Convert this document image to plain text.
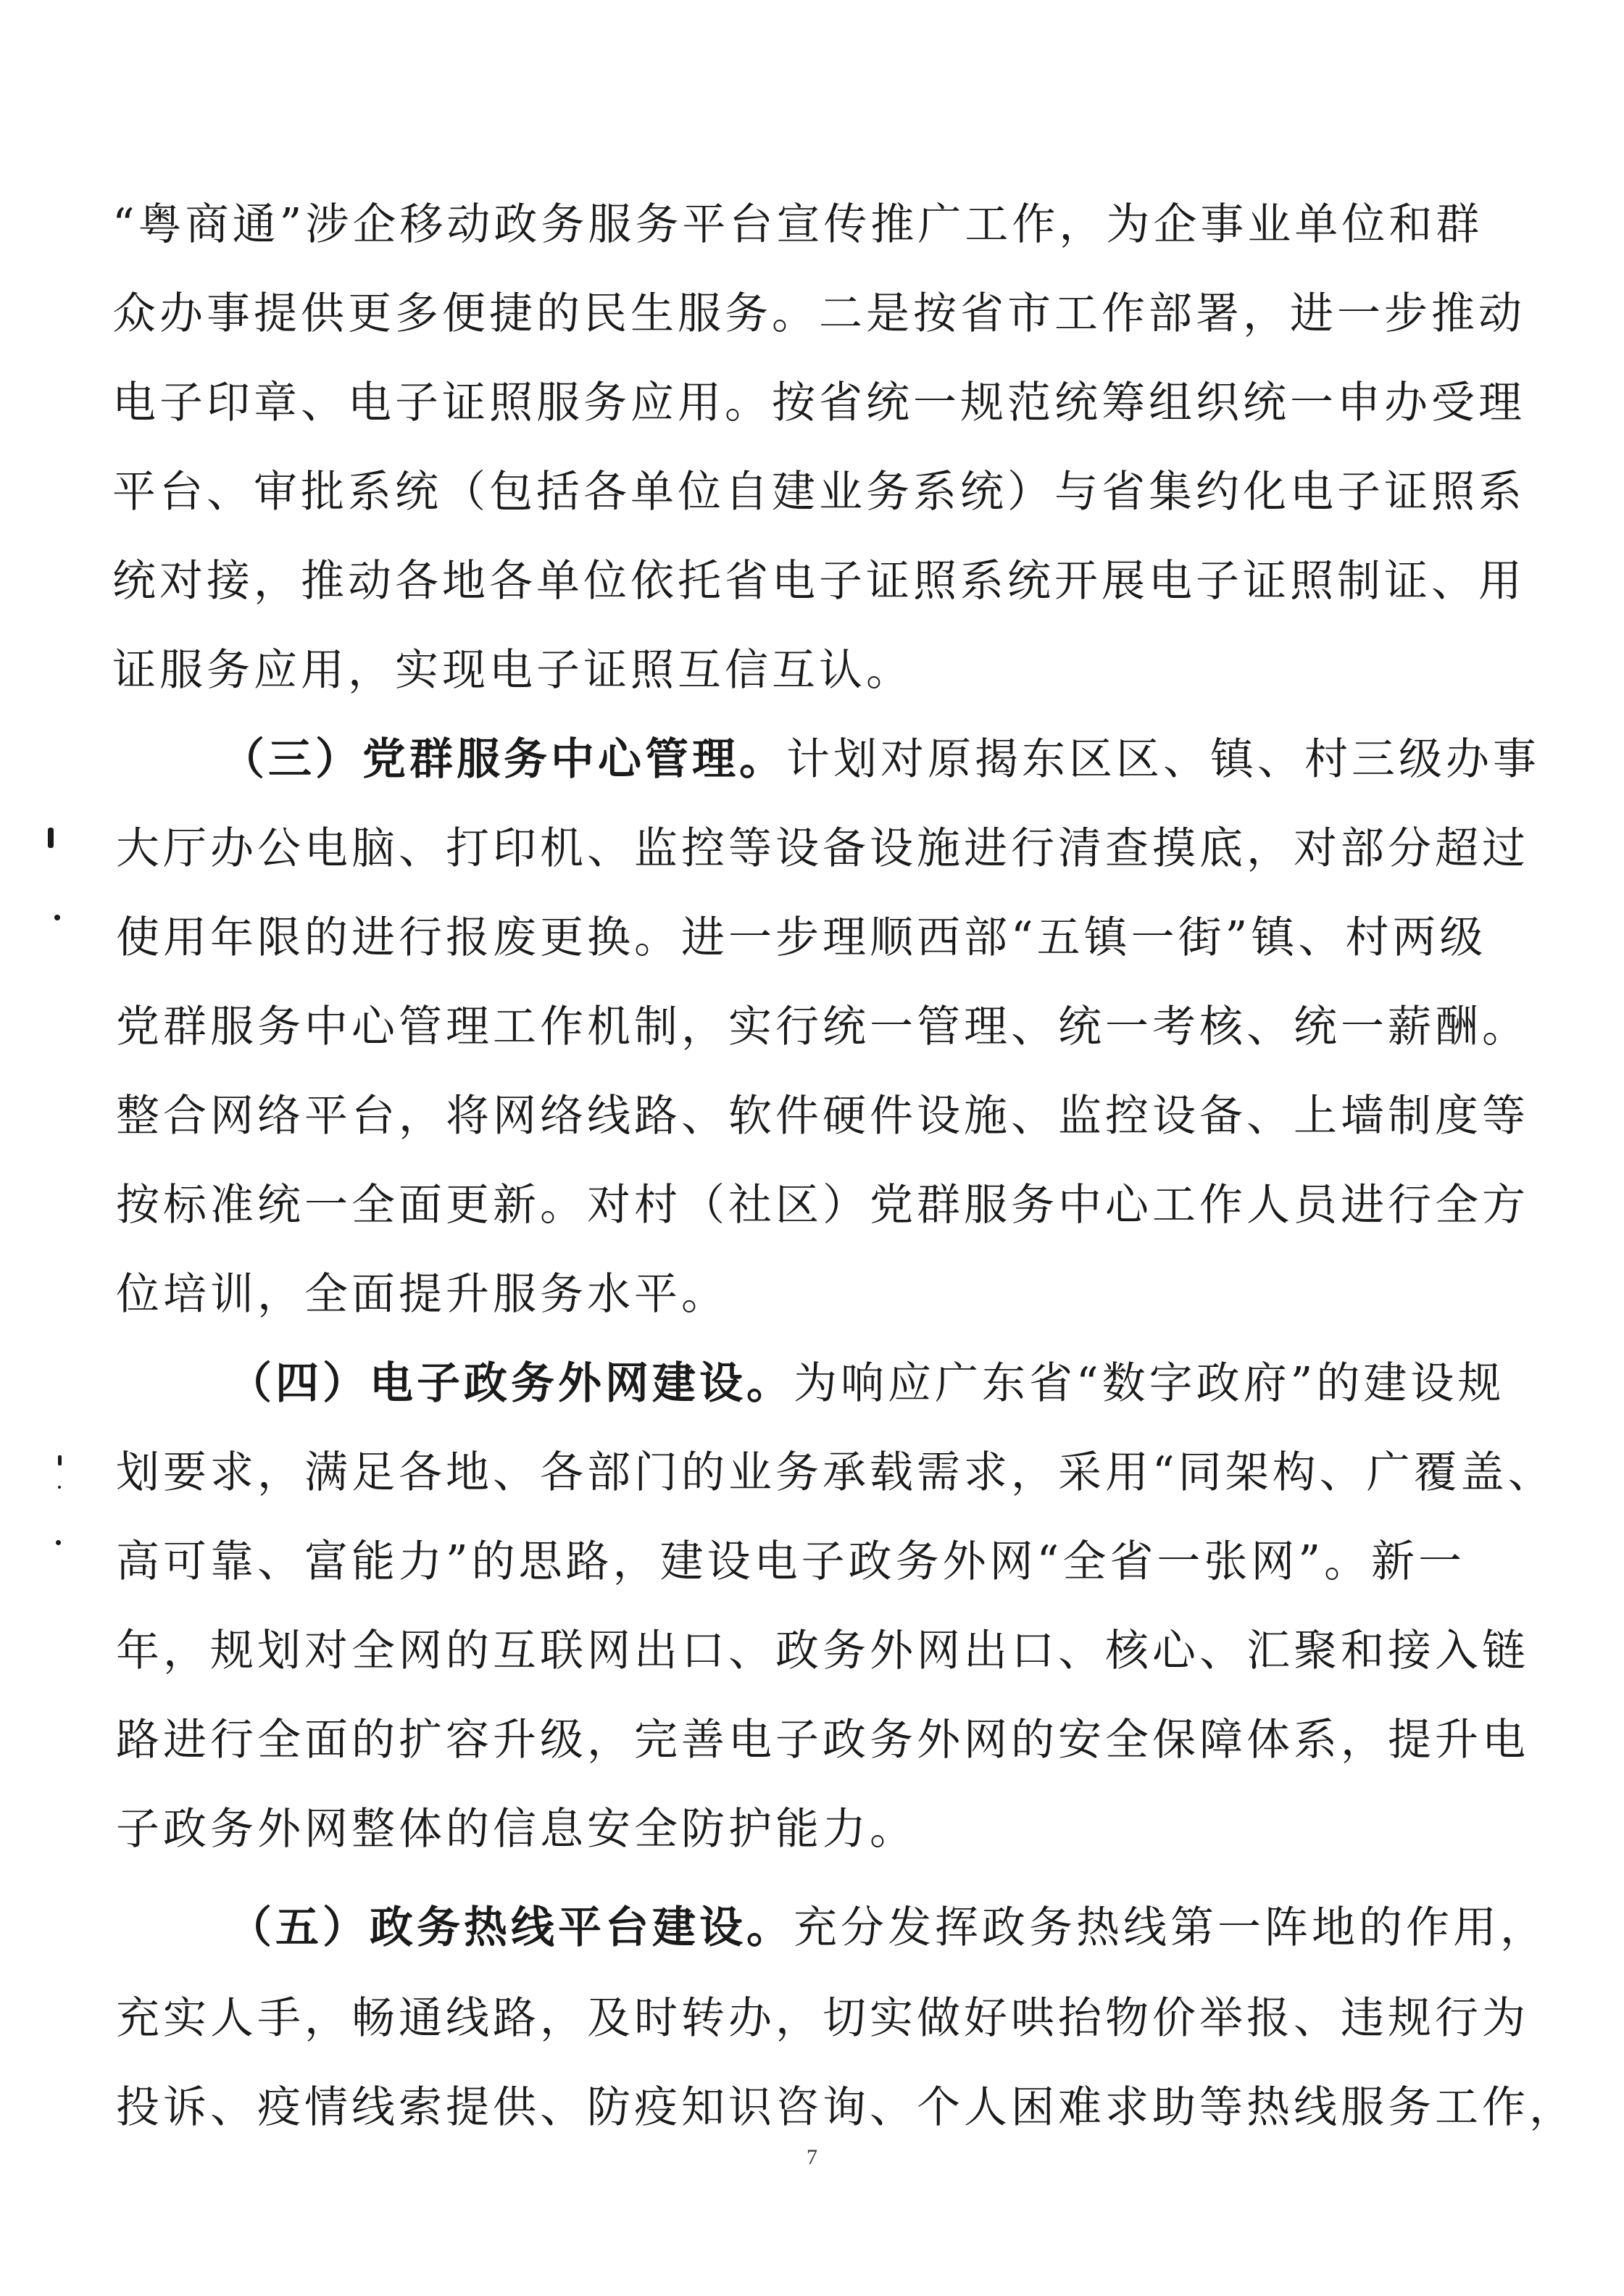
“粤商通”涉企移动政务服务平台宣传推广工作，为企事业单位和群
众办事提供更多便捷的民生服务。二是按省市工作部署，进一步推动
电子印章、电子证照服务应用。按省统一规范统筹组织统一申办受理
平台、审批系统（包括各单位自建业务系统）与省集约化电子证照系
统对接，推动各地各单位依托省电子证照系统开展电子证照制证、用
证服务应用，实现电子证照互信互认。
（三）党群服务中心管理。计划对原揭东区区、镇、村三级办事
大厅办公电脑、打印机、监控等设备设施进行清查摸底，对部分超过
使用年限的进行报废更换。进一步理顺西部“五镇一街”镇、村两级
党群服务中心管理工作机制，实行统一管理、统一考核、统一薪酬。
整合网络平台，将网络线路、软件硬件设施、监控设备、上墙制度等
按标准统一全面更新。对村（社区）党群服务中心工作人员进行全方
位培训，全面提升服务水平。
（四）电子政务外网建设。为响应广东省“数字政府”的建设规
划要求，满足各地、各部门的业务承载需求，采用“同架构、广覆盖、
高可靠、富能力”的思路，建设电子政务外网“全省一张网”。新一
年，规划对全网的互联网出口、政务外网出口、核心、汇聚和接入链
路进行全面的扩容升级，完善电子政务外网的安全保障体系，提升电
子政务外网整体的信息安全防护能力。
（五）政务热线平台建设。充分发挥政务热线第一阵地的作用，
充实人手，畅通线路，及时转办，切实做好哄抬物价举报、违规行为
投诉、疫情线索提供、防疫知识咨询、个人困难求助等热线服务工作，
7
